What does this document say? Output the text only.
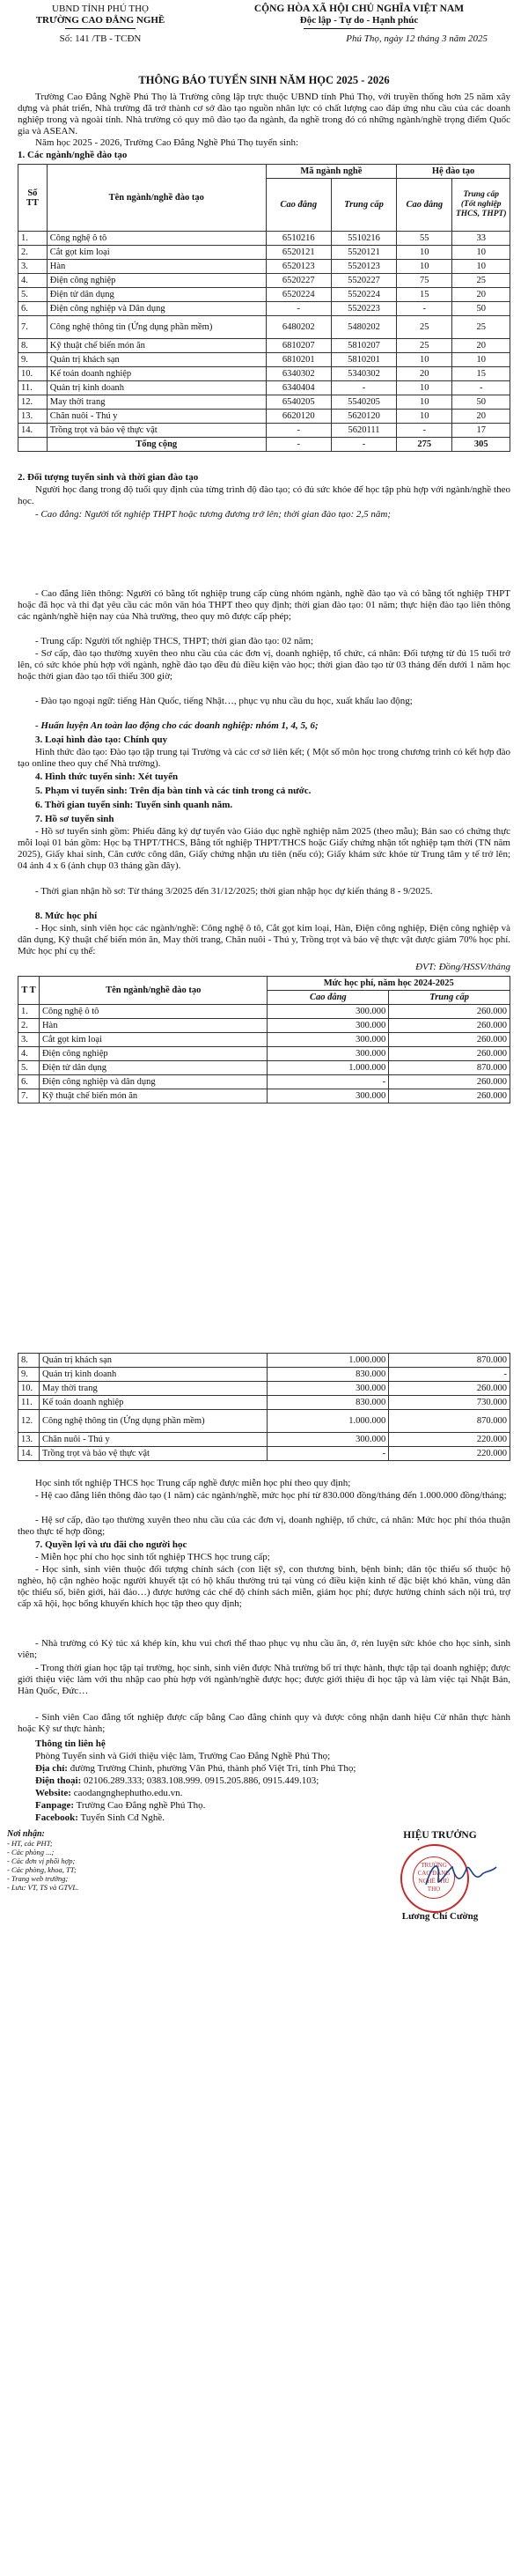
UBND TỈNH PHÚ THỌ
TRƯỜNG CAO ĐẲNG NGHỀ
Số: 141 /TB - TCĐN
CỘNG HÒA XÃ HỘI CHỦ NGHĨA VIỆT NAM
Độc lập - Tự do - Hạnh phúc
Phú Thọ, ngày 12 tháng 3 năm 2025
THÔNG BÁO TUYỂN SINH NĂM HỌC 2025 - 2026
Trường Cao Đẳng Nghề Phú Thọ là Trường công lập trực thuộc UBND tỉnh Phú Thọ, với truyền thống hơn 25 năm xây dựng và phát triển, Nhà trường đã trở thành cơ sở đào tạo nguồn nhân lực có chất lượng cao đáp ứng nhu cầu của các doanh nghiệp trong và ngoài tỉnh. Nhà trường có quy mô đào tạo đa ngành, đa nghề trong đó có những ngành/nghề trọng điểm Quốc gia và ASEAN.
Năm học 2025 - 2026, Trường Cao Đẳng Nghề Phú Thọ tuyển sinh:
1. Các ngành/nghề đào tạo
Số TT	Tên ngành/nghề đào tạo	Mã ngành nghề		Hệ đào tạo	
		Cao đẳng	Trung cấp	Cao đẳng	Trung cấp (Tốt nghiệp THCS, THPT)
1.	Công nghệ ô tô	6510216	5510216	55	33
2.	Cắt gọt kim loại	6520121	5520121	10	10
3.	Hàn	6520123	5520123	10	10
4.	Điện công nghiệp	6520227	5520227	75	25
5.	Điện tử dân dụng	6520224	5520224	15	20
6.	Điện công nghiệp và Dân dụng	-	5520223	-	50
7.	Công nghệ thông tin (Ứng dụng phần mềm)	6480202	5480202	25	25
8.	Kỹ thuật chế biến món ăn	6810207	5810207	25	20
9.	Quản trị khách sạn	6810201	5810201	10	10
10.	Kế toán doanh nghiệp	6340302	5340302	20	15
11.	Quản trị kinh doanh	6340404	-	10	-
12.	May thời trang	6540205	5540205	10	50
13.	Chăn nuôi - Thú y	6620120	5620120	10	20
14.	Trồng trọt và bảo vệ thực vật	-	5620111	-	17
	Tổng cộng	-	-	275	305
2. Đối tượng tuyển sinh và thời gian đào tạo
Người học đang trong độ tuổi quy định của từng trình độ đào tạo; có đủ sức khỏe để học tập phù hợp với ngành/nghề theo học.
- Cao đẳng: Người tốt nghiệp THPT hoặc tương đương trở lên; thời gian đào tạo: 2,5 năm;
- Cao đẳng liên thông: Người có bằng tốt nghiệp trung cấp cùng nhóm ngành, nghề đào tạo và có bằng tốt nghiệp THPT hoặc đã học và thi đạt yêu cầu các môn văn hóa THPT theo quy định; thời gian đào tạo: 01 năm; thực hiện đào tạo liên thông các ngành/nghề hiện nay của Nhà trường, theo quy mô được cấp phép;
- Trung cấp: Người tốt nghiệp THCS, THPT; thời gian đào tạo: 02 năm;
- Sơ cấp, đào tạo thường xuyên theo nhu cầu của các đơn vị, doanh nghiệp, tổ chức, cá nhân: Đối tượng từ đủ 15 tuổi trở lên, có sức khỏe phù hợp với ngành, nghề đào tạo đều đủ điều kiện vào học; thời gian đào tạo từ 03 tháng đến dưới 1 năm học hoặc thời gian đào tạo tối thiểu 300 giờ;
- Đào tạo ngoại ngữ: tiếng Hàn Quốc, tiếng Nhật…, phục vụ nhu cầu du học, xuất khẩu lao động;
- Huấn luyện An toàn lao động cho các doanh nghiệp: nhóm 1, 4, 5, 6;
3. Loại hình đào tạo: Chính quy
Hình thức đào tạo: Đào tạo tập trung tại Trường và các cơ sở liên kết; ( Một số môn học trong chương trình có kết hợp đào tạo online theo quy chế Nhà trường).
4. Hình thức tuyển sinh: Xét tuyển
5. Phạm vi tuyển sinh: Trên địa bàn tỉnh và các tỉnh trong cả nước.
6. Thời gian tuyển sinh: Tuyển sinh quanh năm.
7. Hồ sơ tuyển sinh
- Hồ sơ tuyển sinh gồm: Phiếu đăng ký dự tuyển vào Giáo dục nghề nghiệp năm 2025 (theo mẫu); Bản sao có chứng thực mỗi loại 01 bản gồm: Học bạ THPT/THCS, Bằng tốt nghiệp THPT/THCS hoặc Giấy chứng nhận tốt nghiệp tạm thời (TN năm 2025), Giấy khai sinh, Căn cước công dân, Giấy chứng nhận ưu tiên (nếu có); Giấy khám sức khỏe từ Trung tâm y tế trở lên; 04 ảnh 4 x 6 (ảnh chụp 03 tháng gần đây).
- Thời gian nhận hồ sơ: Từ tháng 3/2025 đến 31/12/2025; thời gian nhập học dự kiến tháng 8 - 9/2025.
8. Mức học phí
- Học sinh, sinh viên học các ngành/nghề: Công nghệ ô tô, Cắt gọt kim loại, Hàn, Điện công nghiệp, Điện công nghiệp và dân dụng, Kỹ thuật chế biến món ăn, May thời trang, Chăn nuôi - Thú y, Trồng trọt và bảo vệ thực vật được giảm 70% học phí. Mức học phí cụ thể:
ĐVT: Đồng/HSSV/tháng
T T	Tên ngành/nghề đào tạo	Mức học phí, năm học 2024-2025	
		Cao đẳng	Trung cấp
1.	Công nghệ ô tô	300.000	260.000
2.	Hàn	300.000	260.000
3.	Cắt gọt kim loại	300.000	260.000
4.	Điện công nghiệp	300.000	260.000
5.	Điện tử dân dụng	1.000.000	870.000
6.	Điện công nghiệp và dân dụng	-	260.000
7.	Kỹ thuật chế biến món ăn	300.000	260.000
8.	Quản trị khách sạn	1.000.000	870.000
9.	Quản trị kinh doanh	830.000	-
10.	May thời trang	300.000	260.000
11.	Kế toán doanh nghiệp	830.000	730.000
12.	Công nghệ thông tin (Ứng dụng phần mềm)	1.000.000	870.000
13.	Chăn nuôi - Thú y	300.000	220.000
14.	Trồng trọt và bảo vệ thực vật	-	220.000
Học sinh tốt nghiệp THCS học Trung cấp nghề được miễn học phí theo quy định;
- Hệ cao đẳng liên thông đào tạo (1 năm) các ngành/nghề, mức học phí từ 830.000 đồng/tháng đến 1.000.000 đồng/tháng;
- Hệ sơ cấp, đào tạo thường xuyên theo nhu cầu của các đơn vị, doanh nghiệp, tổ chức, cá nhân: Mức học phí thỏa thuận theo thực tế hợp đồng;
7. Quyền lợi và ưu đãi cho người học
- Miễn học phí cho học sinh tốt nghiệp THCS học trung cấp;
- Học sinh, sinh viên thuộc đối tượng chính sách (con liệt sỹ, con thương binh, bệnh binh; dân tộc thiểu số thuộc hộ nghèo, hộ cận nghèo hoặc người khuyết tật có hộ khẩu thường trú tại vùng có điều kiện kinh tế đặc biệt khó khăn, vùng dân tộc thiểu số, biên giới, hải đảo…) được hưởng các chế độ chính sách miễn, giảm học phí; được hưởng chính sách nội trú, trợ cấp xã hội, học bổng khuyến khích học tập theo quy định;
- Nhà trường có Ký túc xá khép kín, khu vui chơi thể thao phục vụ nhu cầu ăn, ở, rèn luyện sức khỏe cho học sinh, sinh viên;
- Trong thời gian học tập tại trường, học sinh, sinh viên được Nhà trường bố trí thực hành, thực tập tại doanh nghiệp; được giới thiệu việc làm với thu nhập cao phù hợp với ngành/nghề được học; được giới thiệu đi học tập và làm việc tại Nhật Bản, Hàn Quốc, Đức…
- Sinh viên Cao đẳng tốt nghiệp được cấp bằng Cao đẳng chính quy và được công nhận danh hiệu Cử nhân thực hành hoặc Kỹ sư thực hành;
Thông tin liên hệ
Phòng Tuyển sinh và Giới thiệu việc làm, Trường Cao Đẳng Nghề Phú Thọ;
Địa chỉ: đường Trường Chinh, phường Vân Phú, thành phố Việt Trì, tỉnh Phú Thọ;
Điện thoại: 02106.289.333; 0383.108.999. 0915.205.886, 0915.449.103;
Website: caodangnghephutho.edu.vn.
Fanpage: Trường Cao Đẳng nghề Phú Thọ.
Facebook: Tuyển Sinh Cđ Nghề.
Nơi nhận:
- HT, các PHT;
- Các phòng ...;
- Các đơn vị phối hợp;
- Các phòng, khoa, TT;
- Trang web trường;
- Lưu: VT, TS và GTVL.
HIỆU TRƯỞNG
TRƯỜNG CAO ĐẲNG NGHỀ PHÚ THỌ
Lương Chí Cường
